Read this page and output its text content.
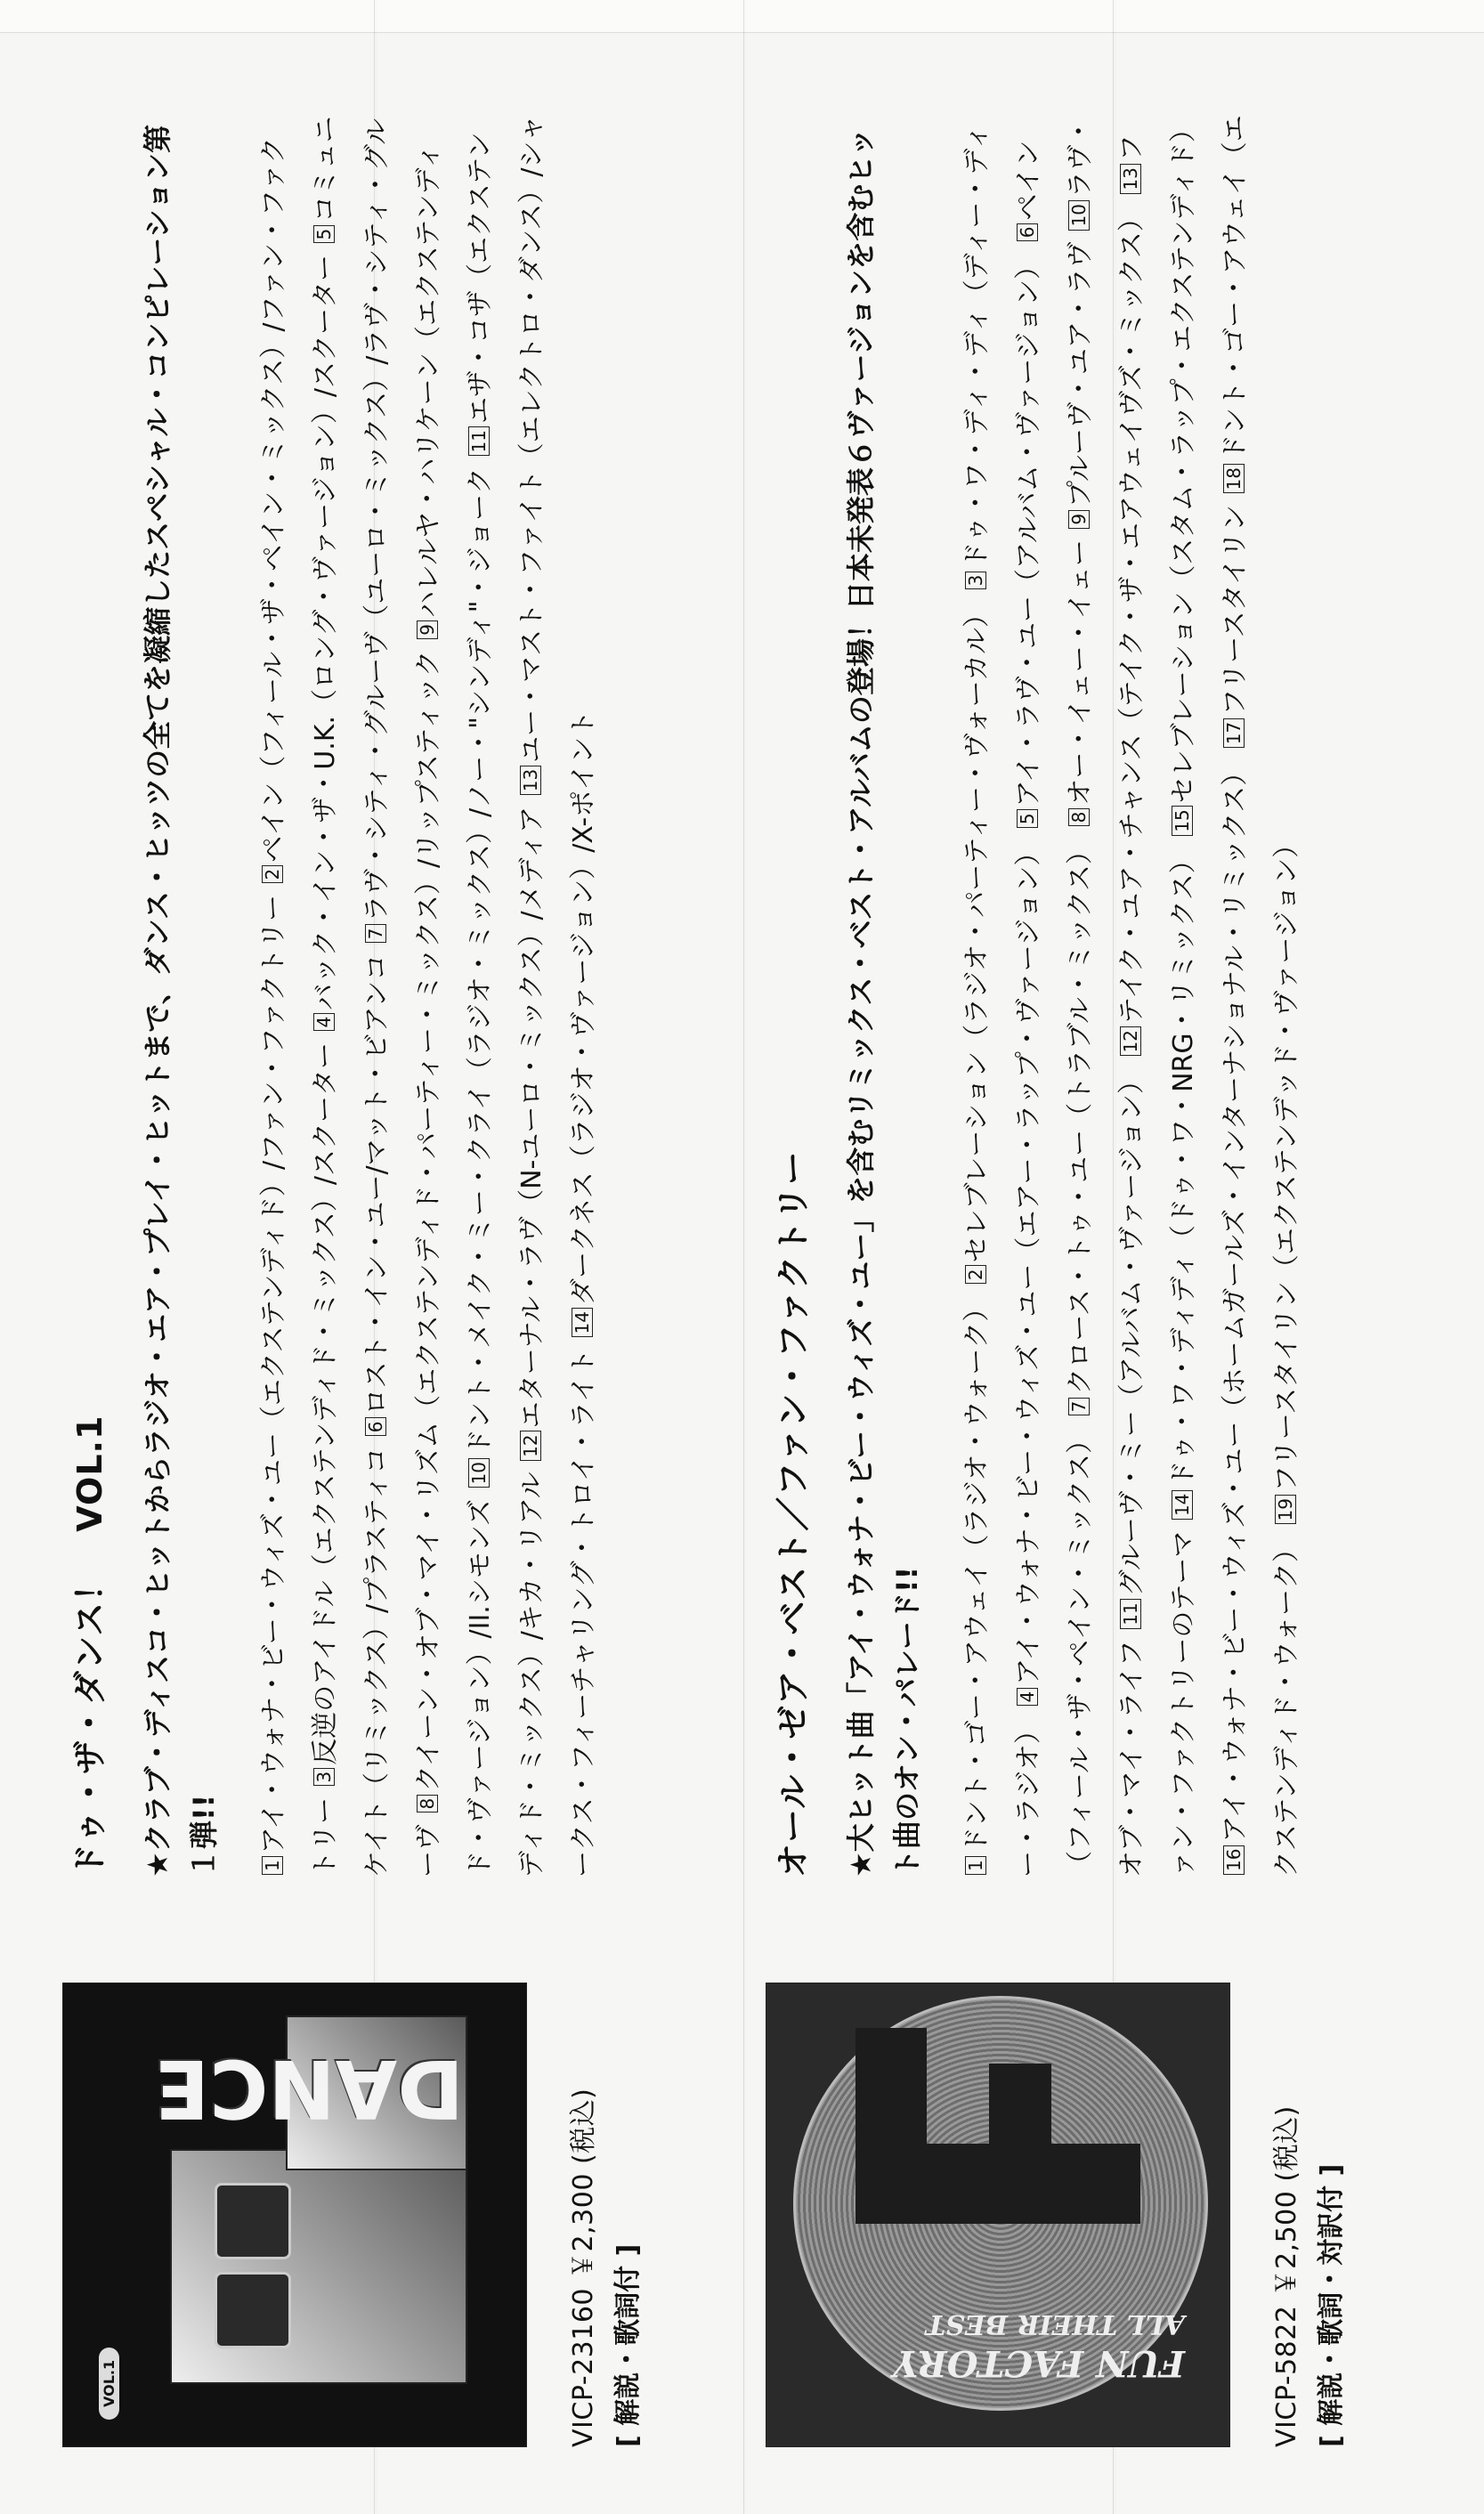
VOL.1
DANCE
VICP-23160 ￥2,300 (税込) [ 解説・歌詞付 ]
ドゥ・ザ・ダンス！　VOL.1 ★クラブ・ディスコ・ヒットからラジオ・エア・プレイ・ヒットまで、ダンス・ヒッツの全てを凝縮したスペシャル・コンピレーション第１弾!!	1アイ・ウォナ・ビー・ウィズ・ユー（エクステンディド）/ファン・ファクトリー 2ペイン（フィール・ザ・ペイン・ミックス）/ファン・ファクトリー 3反逆のアイドル（エクステンディド・ミックス）/スクーター 4バック・イン・ザ・U.K.（ロング・ヴァージョン）/スクーター 5コミュニケイト（リミックス）/プラスティコ 6ロスト・イン・ユー/マット・ビアンコ 7ラヴ・シティ・グルーヴ（ユーロ・ミックス）/ラヴ・シティ・グルーヴ 8クイーン・オブ・マイ・リズム（エクステンディド・パーティー・ミックス）/リップスティック 9ハレルヤ・ハリケーン（エクステンディド・ヴァージョン）/II.シモンズ 10ドント・メイク・ミー・クライ（ラジオ・ミックス）/ノー・"シンディ"・ジョーク 11エザ・コザ（エクステンディド・ミックス）/キカ・リアル 12エターナル・ラヴ（N-ユーロ・ミックス）/メディア 13ユー・マスト・ファイト（エレクトロ・ダンス）/シャークス・フィーチャリング・トロイ・ライト 14ダークネス（ラジオ・ヴァージョン）/X-ポイント
FUN FACTORY
ALL THEIR BEST	VICP-5822 ￥2,500 (税込) [ 解説・歌詞・対訳付 ]
オール・ゼア・ベスト／ファン・ファクトリー ★大ヒット曲「アイ・ウォナ・ビー・ウィズ・ユー」を含むリミックス・ベスト・アルバムの登場！日本未発表６ヴァージョンを含むヒット曲のオン・パレード!!	1ドント・ゴー・アウェイ（ラジオ・ウォーク） 2セレブレーション（ラジオ・パーティー・ヴォーカル） 3ドゥ・ワ・ディ・ディ（ディー・ディー・ラジオ） 4アイ・ウォナ・ビー・ウィズ・ユー（エアー・ラップ・ヴァージョン） 5アイ・ラヴ・ユー（アルバム・ヴァージョン） 6ペイン（フィール・ザ・ペイン・ミックス） 7クロース・トゥ・ユー（トラブル・ミックス） 8オー・イェー・イェー 9プルーヴ・ユア・ラヴ 10ラヴ・オブ・マイ・ライフ 11グルーヴ・ミー（アルバム・ヴァージョン） 12テイク・ユア・チャンス（テイク・ザ・エアウェイヴズ・ミックス） 13ファン・ファクトリーのテーマ 14ドゥ・ワ・ディディ（ドゥ・ワ・NRG・リミックス） 15セレブレーション（スタム・ラップ・エクステンディド） 16アイ・ウォナ・ビー・ウィズ・ユー（ホームガールズ・インターナショナル・リミックス） 17フリースタイリン 18ドント・ゴー・アウェイ（エクステンディド・ウォーク） 19フリースタイリン（エクステンデッド・ヴァージョン）
